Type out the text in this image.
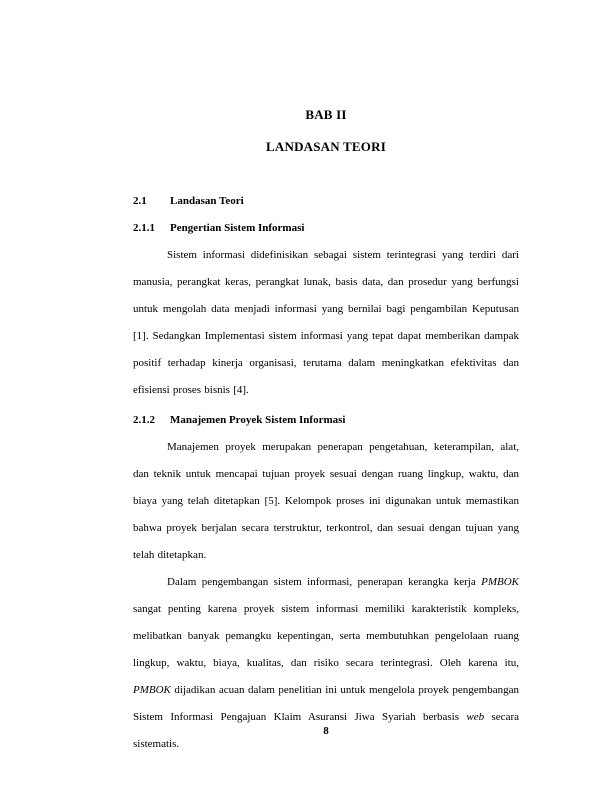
BAB II
LANDASAN TEORI
2.1	Landasan Teori
2.1.1	Pengertian Sistem Informasi

Sistem informasi didefinisikan sebagai sistem terintegrasi yang terdiri dari manusia, perangkat keras, perangkat lunak, basis data, dan prosedur yang berfungsi untuk mengolah data menjadi informasi yang bernilai bagi pengambilan Keputusan [1]. Sedangkan Implementasi sistem informasi yang tepat dapat memberikan dampak positif terhadap kinerja organisasi, terutama dalam meningkatkan efektivitas dan efisiensi proses bisnis [4].

2.1.2	Manajemen Proyek Sistem Informasi

Manajemen proyek merupakan penerapan pengetahuan, keterampilan, alat, dan teknik untuk mencapai tujuan proyek sesuai dengan ruang lingkup, waktu, dan biaya yang telah ditetapkan [5]. Kelompok proses ini digunakan untuk memastikan bahwa proyek berjalan secara terstruktur, terkontrol, dan sesuai dengan tujuan yang telah ditetapkan.

Dalam pengembangan sistem informasi, penerapan kerangka kerja PMBOK sangat penting karena proyek sistem informasi memiliki karakteristik kompleks, melibatkan banyak pemangku kepentingan, serta membutuhkan pengelolaan ruang lingkup, waktu, biaya, kualitas, dan risiko secara terintegrasi. Oleh karena itu, PMBOK dijadikan acuan dalam penelitian ini untuk mengelola proyek pengembangan Sistem Informasi Pengajuan Klaim Asuransi Jiwa Syariah berbasis web secara sistematis.

8
